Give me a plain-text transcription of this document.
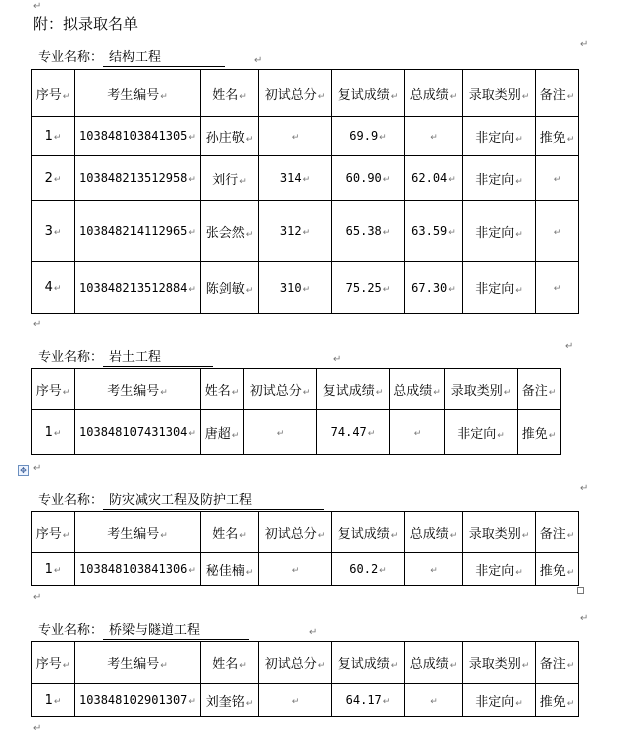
↵
附：拟录取名单
↵
专业名称： 结构工程	↵
序号↵	考生编号↵	姓名↵	初试总分↵	复试成绩↵	总成绩↵	录取类别↵	备注↵
1↵	103848103841305↵	孙庄敬↵	↵	69.9↵	↵	非定向↵	推免↵
2↵	103848213512958↵	刘行↵	314↵	60.90↵	62.04↵	非定向↵	↵
3↵	103848214112965↵	张会然↵	312↵	65.38↵	63.59↵	非定向↵	↵
4↵	103848213512884↵	陈剑敏↵	310↵	75.25↵	67.30↵	非定向↵	↵
↵
↵
专业名称： 岩土工程	↵
序号↵	考生编号↵	姓名↵	初试总分↵	复试成绩↵	总成绩↵	录取类别↵	备注↵
1↵	103848107431304↵	唐超↵	↵	74.47↵	↵	非定向↵	推免↵
✥ ↵
↵
专业名称： 防灾减灾工程及防护工程
序号↵	考生编号↵	姓名↵	初试总分↵	复试成绩↵	总成绩↵	录取类别↵	备注↵
1↵	103848103841306↵	秘佳楠↵	↵	60.2↵	↵	非定向↵	推免↵
↵
↵
专业名称： 桥梁与隧道工程	↵
序号↵	考生编号↵	姓名↵	初试总分↵	复试成绩↵	总成绩↵	录取类别↵	备注↵
1↵	103848102901307↵	刘奎铭↵	↵	64.17↵	↵	非定向↵	推免↵
↵
